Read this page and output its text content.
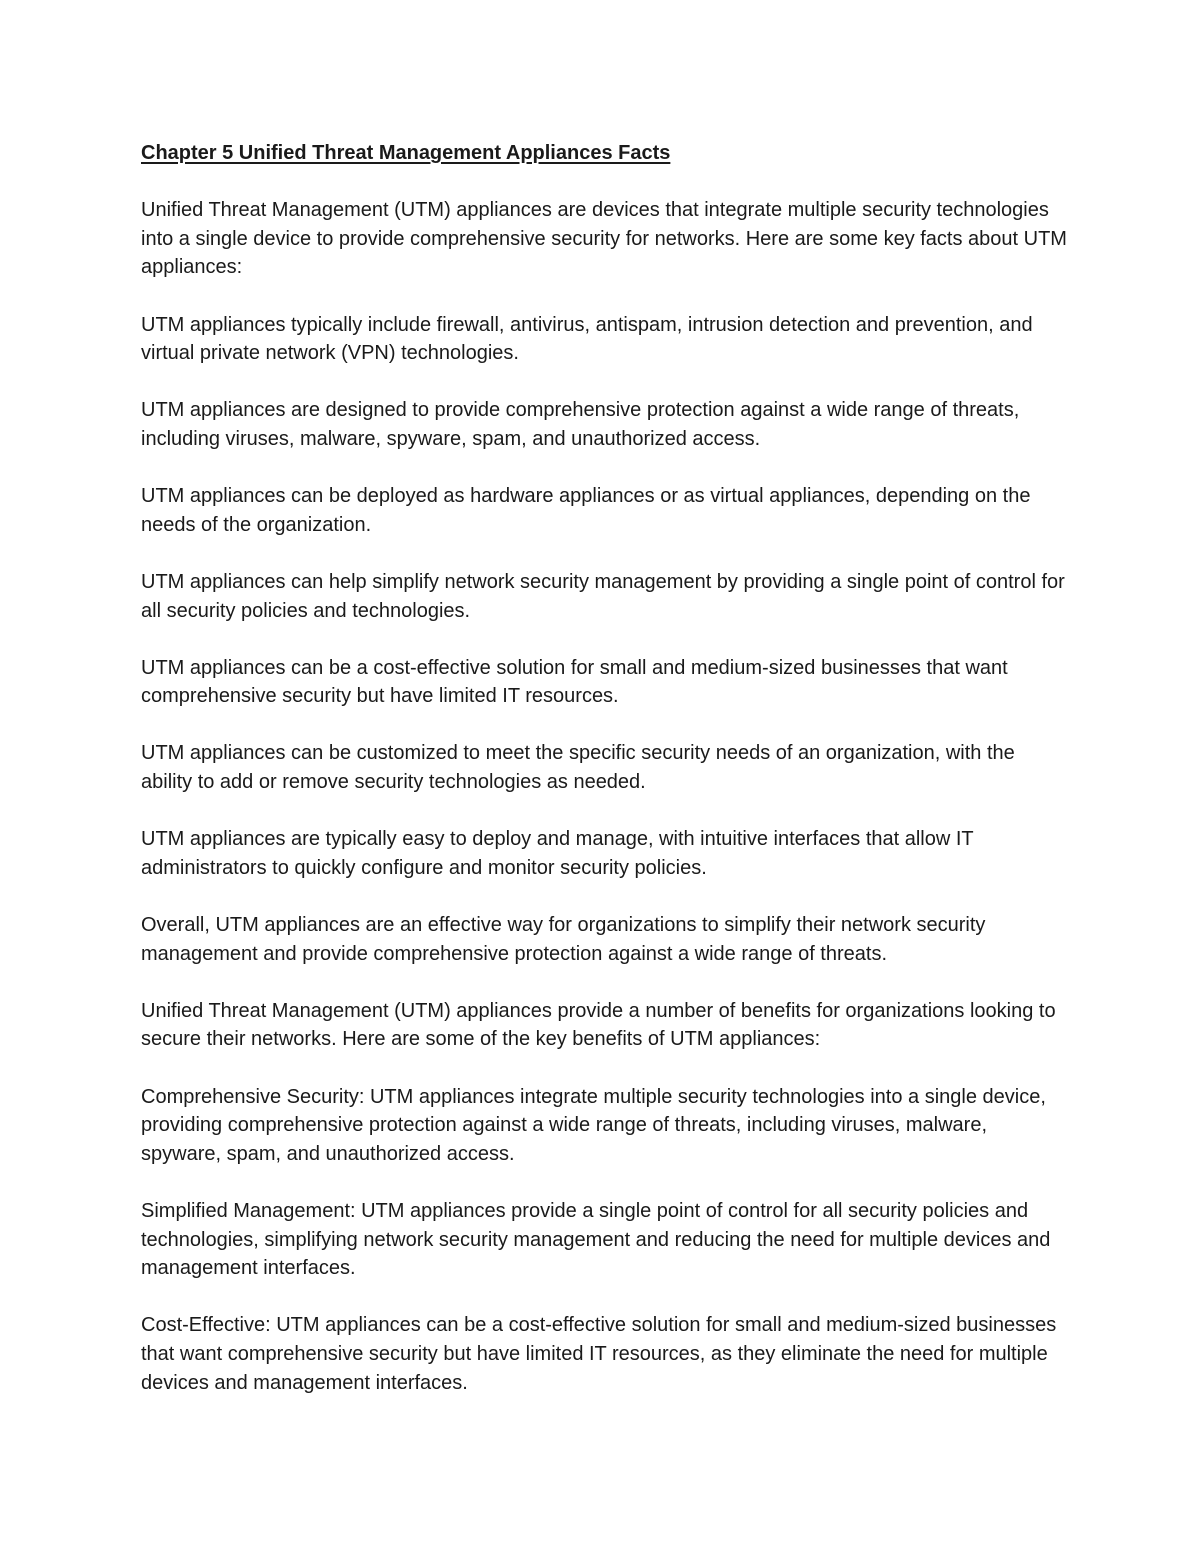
Chapter 5 Unified Threat Management Appliances Facts

Unified Threat Management (UTM) appliances are devices that integrate multiple security technologies into a single device to provide comprehensive security for networks. Here are some key facts about UTM appliances:

UTM appliances typically include firewall, antivirus, antispam, intrusion detection and prevention, and virtual private network (VPN) technologies.

UTM appliances are designed to provide comprehensive protection against a wide range of threats, including viruses, malware, spyware, spam, and unauthorized access.

UTM appliances can be deployed as hardware appliances or as virtual appliances, depending on the needs of the organization.

UTM appliances can help simplify network security management by providing a single point of control for all security policies and technologies.

UTM appliances can be a cost-effective solution for small and medium-sized businesses that want comprehensive security but have limited IT resources.

UTM appliances can be customized to meet the specific security needs of an organization, with the ability to add or remove security technologies as needed.

UTM appliances are typically easy to deploy and manage, with intuitive interfaces that allow IT administrators to quickly configure and monitor security policies.

Overall, UTM appliances are an effective way for organizations to simplify their network security management and provide comprehensive protection against a wide range of threats.

Unified Threat Management (UTM) appliances provide a number of benefits for organizations looking to secure their networks. Here are some of the key benefits of UTM appliances:

Comprehensive Security: UTM appliances integrate multiple security technologies into a single device, providing comprehensive protection against a wide range of threats, including viruses, malware, spyware, spam, and unauthorized access.

Simplified Management: UTM appliances provide a single point of control for all security policies and technologies, simplifying network security management and reducing the need for multiple devices and management interfaces.

Cost-Effective: UTM appliances can be a cost-effective solution for small and medium-sized businesses that want comprehensive security but have limited IT resources, as they eliminate the need for multiple devices and management interfaces.
